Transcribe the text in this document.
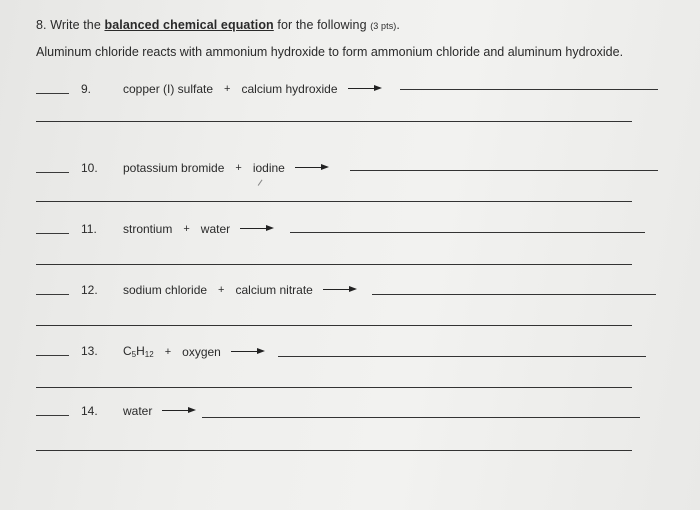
8. Write the balanced chemical equation for the following (3 pts).
Aluminum chloride reacts with ammonium hydroxide to form ammonium chloride and aluminum hydroxide.
9.	copper (I) sulfate + calcium hydroxide
10. potassium bromide + iodine
11. strontium + water
12. sodium chloride + calcium nitrate
13. C5H12 + oxygen
14. water
